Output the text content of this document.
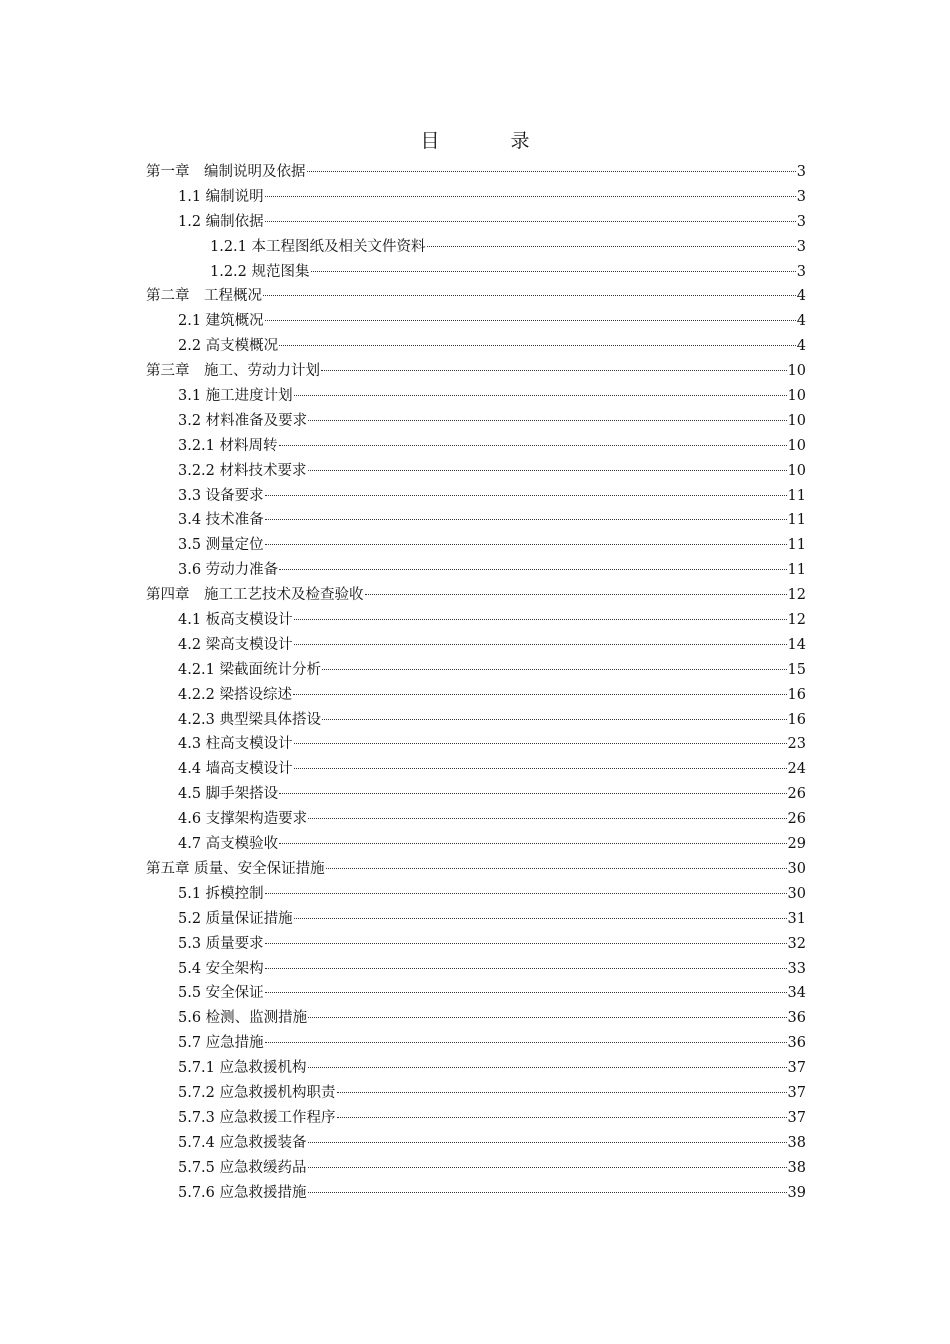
目　录
第一章　编制说明及依据	3
1.1 编制说明	3
1.2 编制依据	3
1.2.1 本工程图纸及相关文件资料	3
1.2.2 规范图集	3
第二章　工程概况	4
2.1 建筑概况	4
2.2 高支模概况	4
第三章　施工、劳动力计划	10
3.1 施工进度计划	10
3.2 材料准备及要求	10
3.2.1 材料周转	10
3.2.2 材料技术要求	10
3.3 设备要求	11
3.4 技术准备	11
3.5 测量定位	11
3.6 劳动力准备	11
第四章　施工工艺技术及检查验收	12
4.1 板高支模设计	12
4.2 梁高支模设计	14
4.2.1 梁截面统计分析	15
4.2.2 梁搭设综述	16
4.2.3 典型梁具体搭设	16
4.3 柱高支模设计	23
4.4 墙高支模设计	24
4.5 脚手架搭设	26
4.6 支撑架构造要求	26
4.7 高支模验收	29
第五章 质量、安全保证措施	30
5.1 拆模控制	30
5.2 质量保证措施	31
5.3 质量要求	32
5.4 安全架构	33
5.5 安全保证	34
5.6 检测、监测措施	36
5.7 应急措施	36
5.7.1 应急救援机构	37
5.7.2 应急救援机构职责	37
5.7.3 应急救援工作程序	37
5.7.4 应急救援装备	38
5.7.5 应急救缓药品	38
5.7.6 应急救援措施	39
